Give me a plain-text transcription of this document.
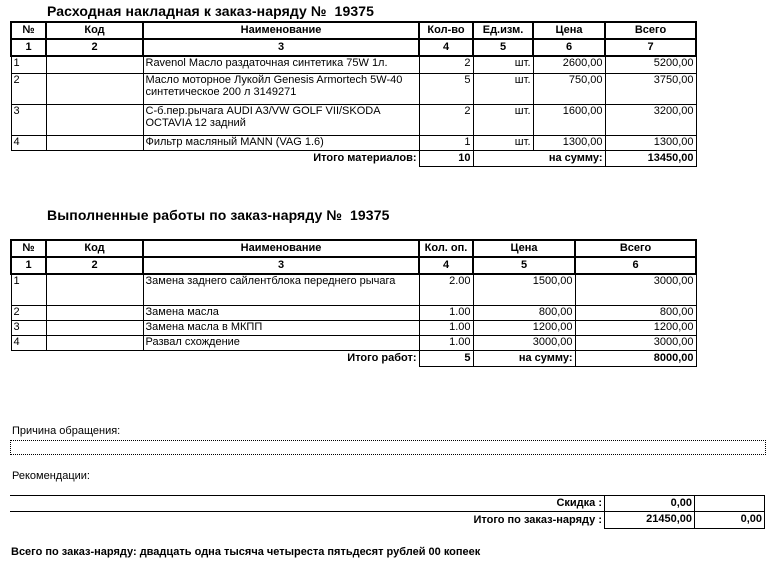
Расходная накладная к заказ-наряду №  19375
№	Код	Наименование	Кол-во	Ед.изм.	Цена	Всего
1	2	3	4	5	6	7
1		Ravenol Масло раздаточная синтетика 75W 1л.	2	шт.	2600,00	5200,00
2		Масло моторное Лукойл Genesis Armortech 5W-40 синтетическое 200 л 3149271	5	шт.	750,00	3750,00
3		С-б.пер.рычага AUDI A3/VW GOLF VII/SKODA OCTAVIA 12 задний	2	шт.	1600,00	3200,00
4		Фильтр масляный MANN (VAG 1.6)	1	шт.	1300,00	1300,00
Итого материалов:			10	на сумму:		13450,00
Выполненные работы по заказ-наряду №  19375
№	Код	Наименование	Кол. оп.	Цена	Всего
1	2	3	4	5	6
1		Замена заднего сайлентблока переднего рычага	2.00	1500,00	3000,00
2		Замена масла	1.00	800,00	800,00
3		Замена масла в МКПП	1.00	1200,00	1200,00
4		Развал схождение	1.00	3000,00	3000,00
Итого работ:			5	на сумму:	8000,00
Причина обращения:
Рекомендации:
Скидка :	0,00
Итого по заказ-наряду :	21450,00	0,00
Всего по заказ-наряду: двадцать одна тысяча четыреста пятьдесят рублей 00 копеек
